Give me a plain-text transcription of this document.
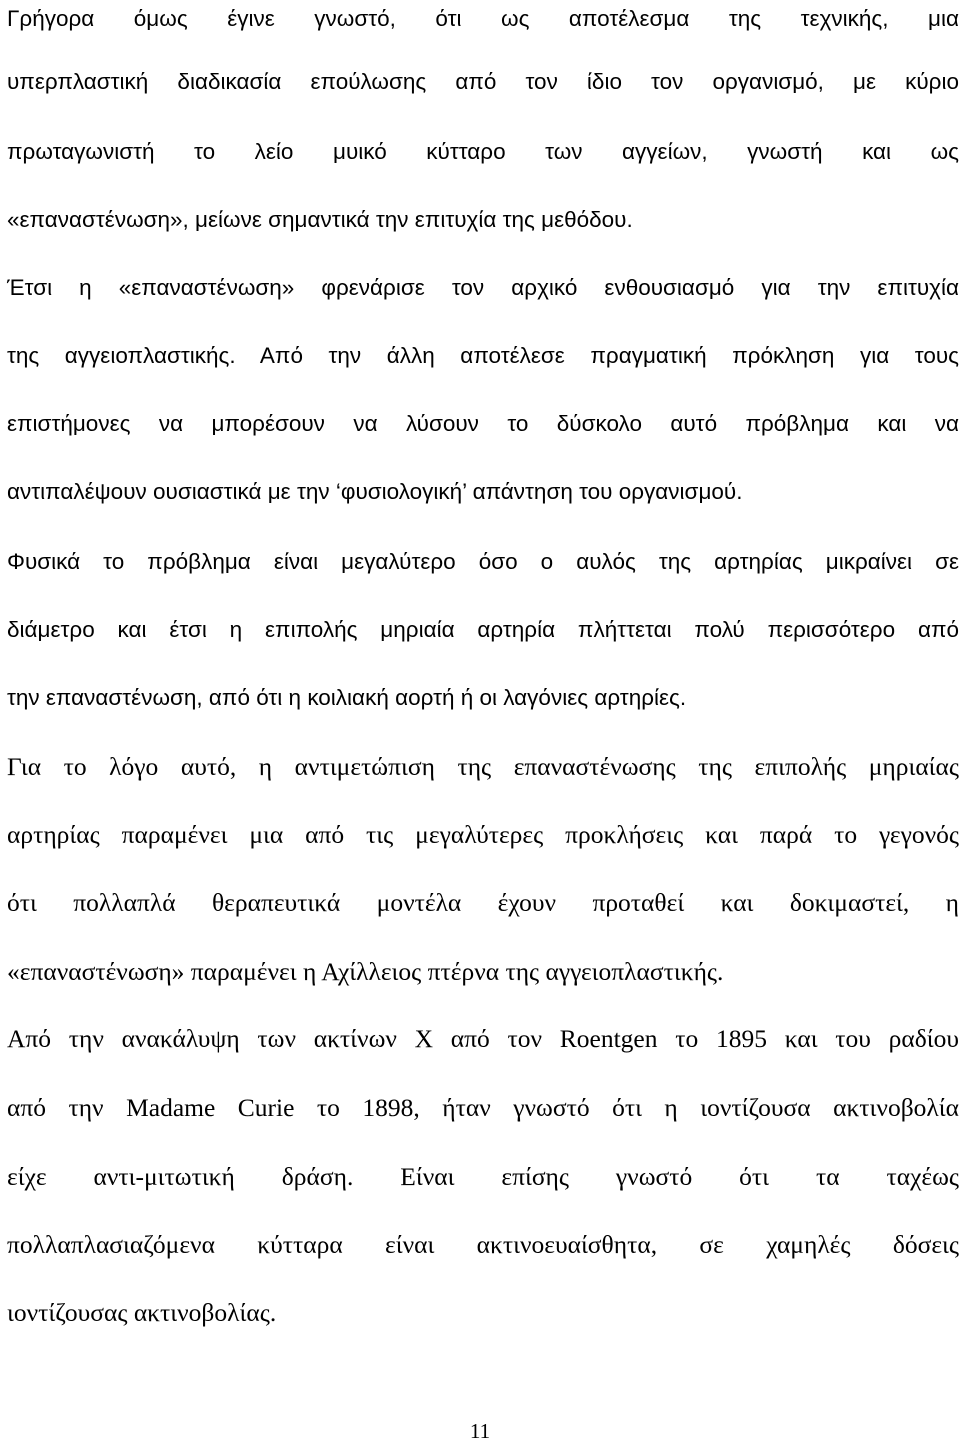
Γρήγορα όμως έγινε γνωστό, ότι ως αποτέλεσμα της τεχνικής, μια
υπερπλαστική διαδικασία επούλωσης από τον ίδιο τον οργανισμό, με κύριο
πρωταγωνιστή το λείο μυικό κύτταρο των αγγείων, γνωστή και ως
«επαναστένωση», μείωνε σημαντικά την επιτυχία της μεθόδου.
Έτσι η «επαναστένωση» φρενάρισε τον αρχικό ενθουσιασμό για την επιτυχία
της αγγειοπλαστικής. Από την άλλη αποτέλεσε πραγματική πρόκληση για τους
επιστήμονες να μπορέσουν να λύσουν το δύσκολο αυτό πρόβλημα και να
αντιπαλέψουν ουσιαστικά με την ‘φυσιολογική’ απάντηση του οργανισμού.
Φυσικά το πρόβλημα είναι μεγαλύτερο όσο ο αυλός της αρτηρίας μικραίνει σε
διάμετρο και έτσι η επιπολής μηριαία αρτηρία πλήττεται πολύ περισσότερο από
την επαναστένωση, από ότι η κοιλιακή αορτή ή οι λαγόνιες αρτηρίες.
Για το λόγο αυτό, η αντιμετώπιση της επαναστένωσης της επιπολής μηριαίας
αρτηρίας παραμένει μια από τις μεγαλύτερες προκλήσεις και παρά το γεγονός
ότι πολλαπλά θεραπευτικά μοντέλα έχουν προταθεί και δοκιμαστεί, η
«επαναστένωση» παραμένει η Αχίλλειος πτέρνα της αγγειοπλαστικής.
Από την ανακάλυψη των ακτίνων Χ από τον Roentgen το 1895 και του ραδίου
από την Madame Curie το 1898, ήταν γνωστό ότι η ιοντίζουσα ακτινοβολία
είχε αντι-μιτωτική δράση. Είναι επίσης γνωστό ότι τα ταχέως
πολλαπλασιαζόμενα κύτταρα είναι ακτινοευαίσθητα, σε χαμηλές δόσεις
ιοντίζουσας ακτινοβολίας.
11
